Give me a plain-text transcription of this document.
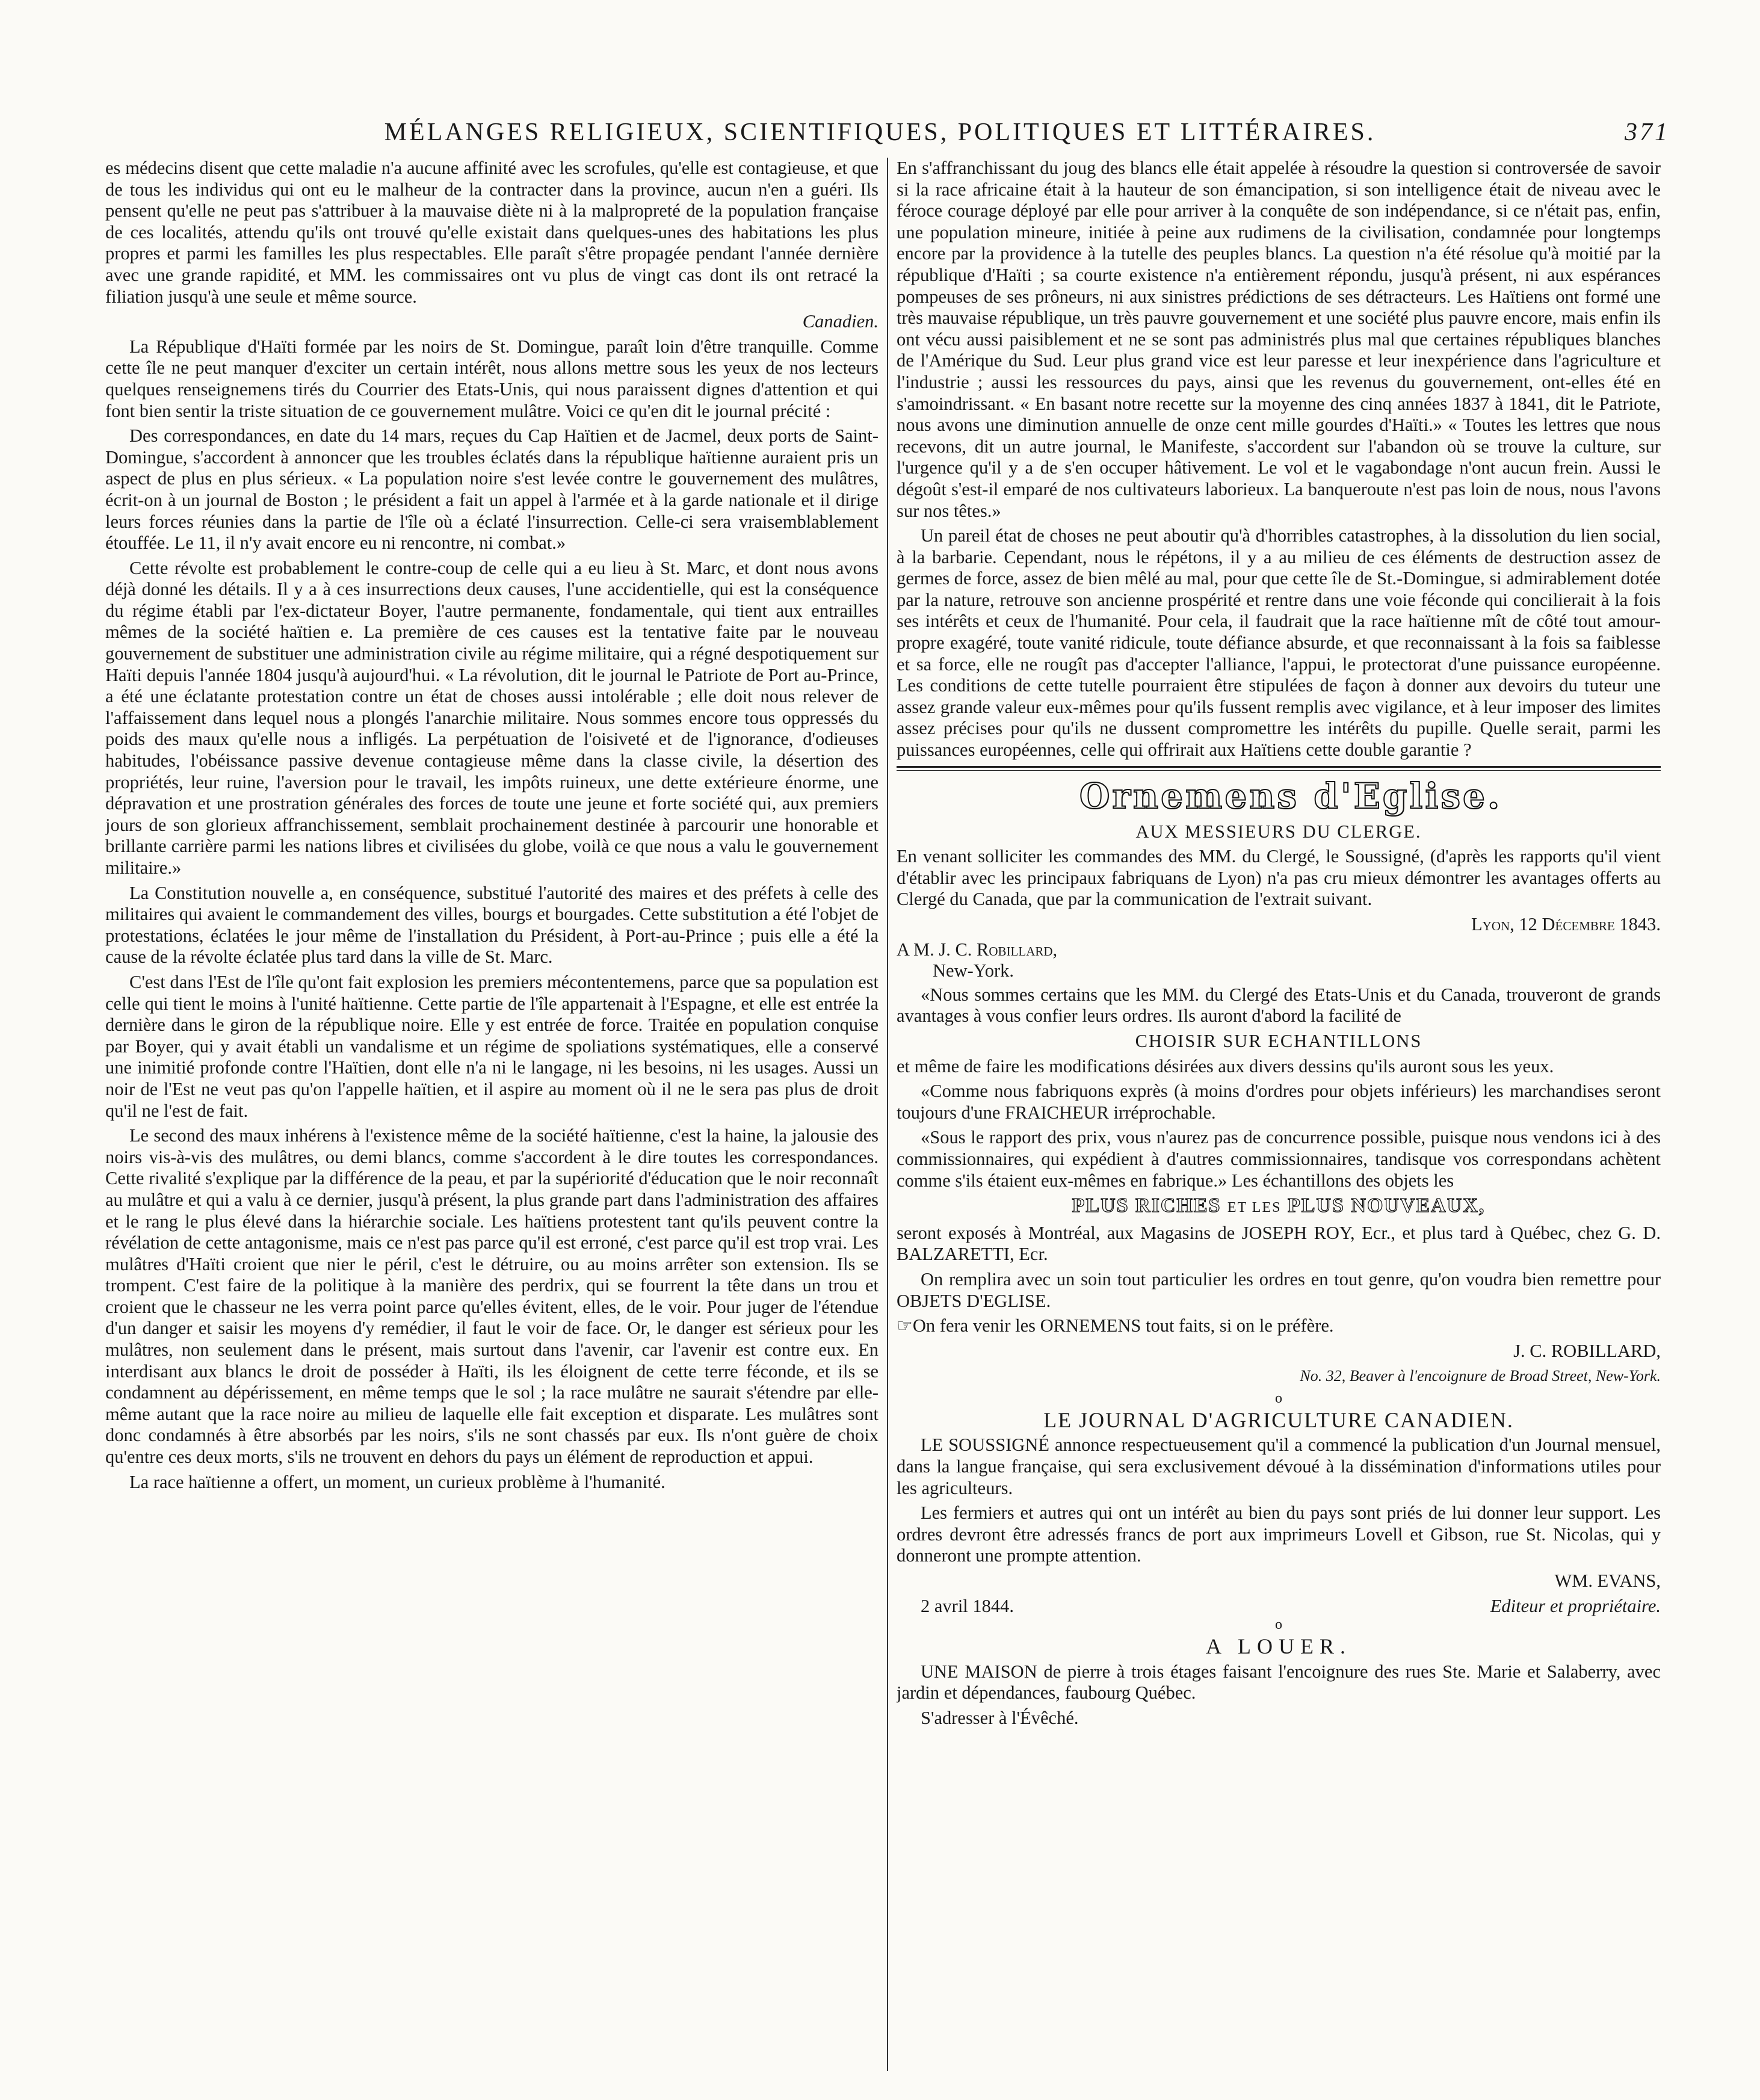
MÉLANGES RELIGIEUX, SCIENTIFIQUES, POLITIQUES ET LITTÉRAIRES.	371

es médecins disent que cette maladie n'a aucune affinité avec les scrofules, qu'elle est contagieuse, et que de tous les individus qui ont eu le malheur de la contracter dans la province, aucun n'en a guéri. Ils pensent qu'elle ne peut pas s'attribuer à la mauvaise diète ni à la malpropreté de la population française de ces localités, attendu qu'ils ont trouvé qu'elle existait dans quelques-unes des habitations les plus propres et parmi les familles les plus respectables. Elle paraît s'être propagée pendant l'année dernière avec une grande rapidité, et MM. les commissaires ont vu plus de vingt cas dont ils ont retracé la filiation jusqu'à une seule et même source.

Canadien.

La République d'Haïti formée par les noirs de St. Domingue, paraît loin d'être tranquille. Comme cette île ne peut manquer d'exciter un certain intérêt, nous allons mettre sous les yeux de nos lecteurs quelques renseignemens tirés du Courrier des Etats-Unis, qui nous paraissent dignes d'attention et qui font bien sentir la triste situation de ce gouvernement mulâtre. Voici ce qu'en dit le journal précité :

Des correspondances, en date du 14 mars, reçues du Cap Haïtien et de Jacmel, deux ports de Saint-Domingue, s'accordent à annoncer que les troubles éclatés dans la république haïtienne auraient pris un aspect de plus en plus sérieux. « La population noire s'est levée contre le gouvernement des mulâtres, écrit-on à un journal de Boston ; le président a fait un appel à l'armée et à la garde nationale et il dirige leurs forces réunies dans la partie de l'île où a éclaté l'insurrection. Celle-ci sera vraisemblablement étouffée. Le 11, il n'y avait encore eu ni rencontre, ni combat.»

Cette révolte est probablement le contre-coup de celle qui a eu lieu à St. Marc, et dont nous avons déjà donné les détails. Il y a à ces insurrections deux causes, l'une accidentielle, qui est la conséquence du régime établi par l'ex-dictateur Boyer, l'autre permanente, fondamentale, qui tient aux entrailles mêmes de la société haïtien e. La première de ces causes est la tentative faite par le nouveau gouvernement de substituer une administration civile au régime militaire, qui a régné despotiquement sur Haïti depuis l'année 1804 jusqu'à aujourd'hui. « La révolution, dit le journal le Patriote de Port au-Prince, a été une éclatante protestation contre un état de choses aussi intolérable ; elle doit nous relever de l'affaissement dans lequel nous a plongés l'anarchie militaire. Nous sommes encore tous oppressés du poids des maux qu'elle nous a infligés. La perpétuation de l'oisiveté et de l'ignorance, d'odieuses habitudes, l'obéissance passive devenue contagieuse même dans la classe civile, la désertion des propriétés, leur ruine, l'aversion pour le travail, les impôts ruineux, une dette extérieure énorme, une dépravation et une prostration générales des forces de toute une jeune et forte société qui, aux premiers jours de son glorieux affranchissement, semblait prochainement destinée à parcourir une honorable et brillante carrière parmi les nations libres et civilisées du globe, voilà ce que nous a valu le gouvernement militaire.»

La Constitution nouvelle a, en conséquence, substitué l'autorité des maires et des préfets à celle des militaires qui avaient le commandement des villes, bourgs et bourgades. Cette substitution a été l'objet de protestations, éclatées le jour même de l'installation du Président, à Port-au-Prince ; puis elle a été la cause de la révolte éclatée plus tard dans la ville de St. Marc.

C'est dans l'Est de l'île qu'ont fait explosion les premiers mécontentemens, parce que sa population est celle qui tient le moins à l'unité haïtienne. Cette partie de l'île appartenait à l'Espagne, et elle est entrée la dernière dans le giron de la république noire. Elle y est entrée de force. Traitée en population conquise par Boyer, qui y avait établi un vandalisme et un régime de spoliations systématiques, elle a conservé une inimitié profonde contre l'Haïtien, dont elle n'a ni le langage, ni les besoins, ni les usages. Aussi un noir de l'Est ne veut pas qu'on l'appelle haïtien, et il aspire au moment où il ne le sera pas plus de droit qu'il ne l'est de fait.

Le second des maux inhérens à l'existence même de la société haïtienne, c'est la haine, la jalousie des noirs vis-à-vis des mulâtres, ou demi blancs, comme s'accordent à le dire toutes les correspondances. Cette rivalité s'explique par la différence de la peau, et par la supériorité d'éducation que le noir reconnaît au mulâtre et qui a valu à ce dernier, jusqu'à présent, la plus grande part dans l'administration des affaires et le rang le plus élevé dans la hiérarchie sociale. Les haïtiens protestent tant qu'ils peuvent contre la révélation de cette antagonisme, mais ce n'est pas parce qu'il est erroné, c'est parce qu'il est trop vrai. Les mulâtres d'Haïti croient que nier le péril, c'est le détruire, ou au moins arrêter son extension. Ils se trompent. C'est faire de la politique à la manière des perdrix, qui se fourrent la tête dans un trou et croient que le chasseur ne les verra point parce qu'elles évitent, elles, de le voir. Pour juger de l'étendue d'un danger et saisir les moyens d'y remédier, il faut le voir de face. Or, le danger est sérieux pour les mulâtres, non seulement dans le présent, mais surtout dans l'avenir, car l'avenir est contre eux. En interdisant aux blancs le droit de posséder à Haïti, ils les éloignent de cette terre féconde, et ils se condamnent au dépérissement, en même temps que le sol ; la race mulâtre ne saurait s'étendre par elle-même autant que la race noire au milieu de laquelle elle fait exception et disparate. Les mulâtres sont donc condamnés à être absorbés par les noirs, s'ils ne sont chassés par eux. Ils n'ont guère de choix qu'entre ces deux morts, s'ils ne trouvent en dehors du pays un élément de reproduction et appui.

La race haïtienne a offert, un moment, un curieux problème à l'humanité.

En s'affranchissant du joug des blancs elle était appelée à résoudre la question si controversée de savoir si la race africaine était à la hauteur de son émancipation, si son intelligence était de niveau avec le féroce courage déployé par elle pour arriver à la conquête de son indépendance, si ce n'était pas, enfin, une population mineure, initiée à peine aux rudimens de la civilisation, condamnée pour longtemps encore par la providence à la tutelle des peuples blancs. La question n'a été résolue qu'à moitié par la république d'Haïti ; sa courte existence n'a entièrement répondu, jusqu'à présent, ni aux espérances pompeuses de ses prôneurs, ni aux sinistres prédictions de ses détracteurs. Les Haïtiens ont formé une très mauvaise république, un très pauvre gouvernement et une société plus pauvre encore, mais enfin ils ont vécu aussi paisiblement et ne se sont pas administrés plus mal que certaines républiques blanches de l'Amérique du Sud. Leur plus grand vice est leur paresse et leur inexpérience dans l'agriculture et l'industrie ; aussi les ressources du pays, ainsi que les revenus du gouvernement, ont-elles été en s'amoindrissant. « En basant notre recette sur la moyenne des cinq années 1837 à 1841, dit le Patriote, nous avons une diminution annuelle de onze cent mille gourdes d'Haïti.» « Toutes les lettres que nous recevons, dit un autre journal, le Manifeste, s'accordent sur l'abandon où se trouve la culture, sur l'urgence qu'il y a de s'en occuper hâtivement. Le vol et le vagabondage n'ont aucun frein. Aussi le dégoût s'est-il emparé de nos cultivateurs laborieux. La banqueroute n'est pas loin de nous, nous l'avons sur nos têtes.»

Un pareil état de choses ne peut aboutir qu'à d'horribles catastrophes, à la dissolution du lien social, à la barbarie. Cependant, nous le répétons, il y a au milieu de ces éléments de destruction assez de germes de force, assez de bien mêlé au mal, pour que cette île de St.-Domingue, si admirablement dotée par la nature, retrouve son ancienne prospérité et rentre dans une voie féconde qui concilierait à la fois ses intérêts et ceux de l'humanité. Pour cela, il faudrait que la race haïtienne mît de côté tout amour-propre exagéré, toute vanité ridicule, toute défiance absurde, et que reconnaissant à la fois sa faiblesse et sa force, elle ne rougît pas d'accepter l'alliance, l'appui, le protectorat d'une puissance européenne. Les conditions de cette tutelle pourraient être stipulées de façon à donner aux devoirs du tuteur une assez grande valeur eux-mêmes pour qu'ils fussent remplis avec vigilance, et à leur imposer des limites assez précises pour qu'ils ne dussent compromettre les intérêts du pupille. Quelle serait, parmi les puissances européennes, celle qui offrirait aux Haïtiens cette double garantie ?

Ornemens d'Eglise.

AUX MESSIEURS DU CLERGE.

En venant solliciter les commandes des MM. du Clergé, le Soussigné, (d'après les rapports qu'il vient d'établir avec les principaux fabriquans de Lyon) n'a pas cru mieux démontrer les avantages offerts au Clergé du Canada, que par la communication de l'extrait suivant.

Lyon, 12 Décembre 1843.

A M. J. C. Robillard,
New-York.

«Nous sommes certains que les MM. du Clergé des Etats-Unis et du Canada, trouveront de grands avantages à vous confier leurs ordres. Ils auront d'abord la facilité de

CHOISIR SUR ECHANTILLONS

et même de faire les modifications désirées aux divers dessins qu'ils auront sous les yeux.

«Comme nous fabriquons exprès (à moins d'ordres pour objets inférieurs) les marchandises seront toujours d'une FRAICHEUR irréprochable.

«Sous le rapport des prix, vous n'aurez pas de concurrence possible, puisque nous vendons ici à des commissionnaires, qui expédient à d'autres commissionnaires, tandisque vos correspondans achètent comme s'ils étaient eux-mêmes en fabrique.» Les échantillons des objets les

PLUS RICHES ET LES PLUS NOUVEAUX,

seront exposés à Montréal, aux Magasins de JOSEPH ROY, Ecr., et plus tard à Québec, chez G. D. BALZARETTI, Ecr.

On remplira avec un soin tout particulier les ordres en tout genre, qu'on voudra bien remettre pour OBJETS D'EGLISE.

☞On fera venir les ORNEMENS tout faits, si on le préfère.

J. C. ROBILLARD,

No. 32, Beaver à l'encoignure de Broad Street, New-York.

o

LE JOURNAL D'AGRICULTURE CANADIEN.

LE SOUSSIGNÉ annonce respectueusement qu'il a commencé la publication d'un Journal mensuel, dans la langue française, qui sera exclusivement dévoué à la dissémination d'informations utiles pour les agriculteurs.

Les fermiers et autres qui ont un intérêt au bien du pays sont priés de lui donner leur support. Les ordres devront être adressés francs de port aux imprimeurs Lovell et Gibson, rue St. Nicolas, qui y donneront une prompte attention.

WM. EVANS,

2 avril 1844.	Editeur et propriétaire.

o

A LOUER.

UNE MAISON de pierre à trois étages faisant l'encoignure des rues Ste. Marie et Salaberry, avec jardin et dépendances, faubourg Québec.

S'adresser à l'Évêché.
